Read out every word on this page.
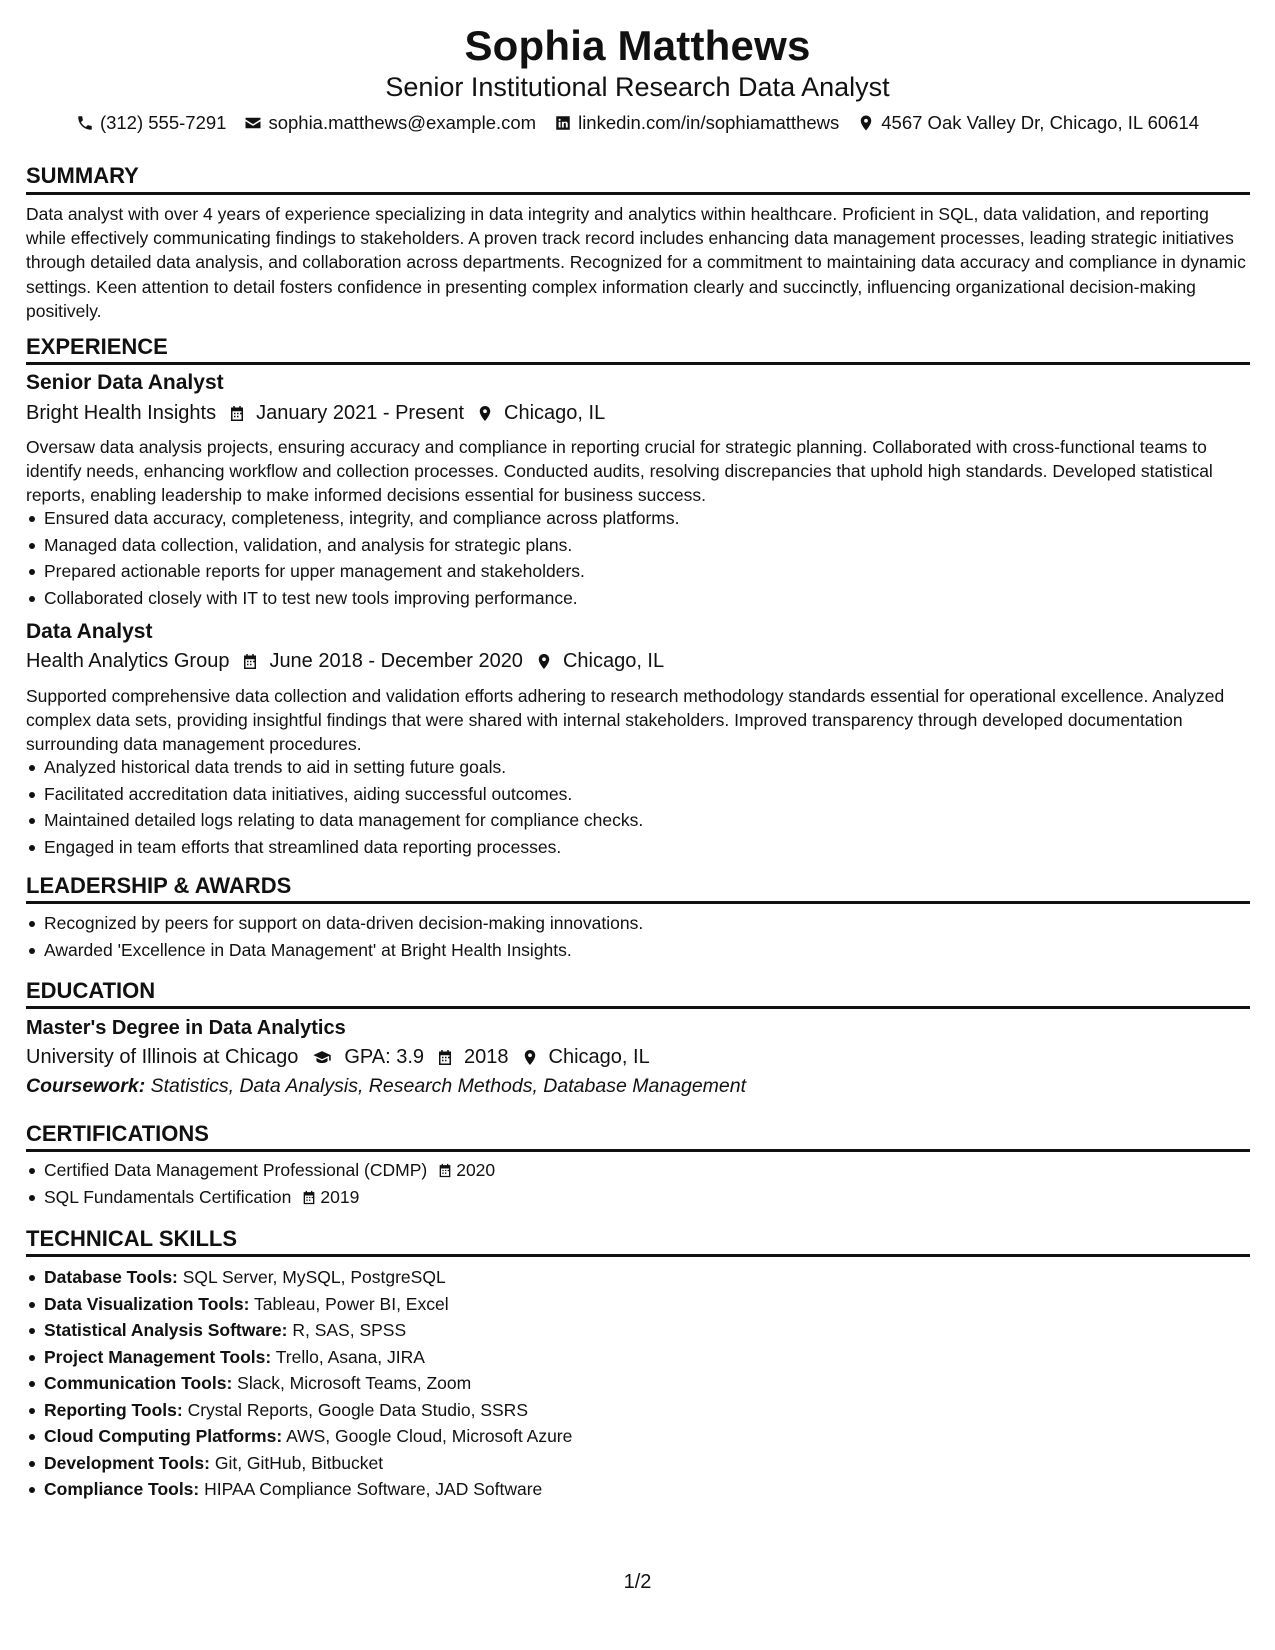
Sophia Matthews
Senior Institutional Research Data Analyst
(312) 555-7291 sophia.matthews@example.com linkedin.com/in/sophiamatthews 4567 Oak Valley Dr, Chicago, IL 60614
SUMMARY
Data analyst with over 4 years of experience specializing in data integrity and analytics within healthcare. Proficient in SQL, data validation, and reporting while effectively communicating findings to stakeholders. A proven track record includes enhancing data management processes, leading strategic initiatives through detailed data analysis, and collaboration across departments. Recognized for a commitment to maintaining data accuracy and compliance in dynamic settings. Keen attention to detail fosters confidence in presenting complex information clearly and succinctly, influencing organizational decision-making positively.
EXPERIENCE
Senior Data Analyst
Bright Health Insights January 2021 - Present Chicago, IL
Oversaw data analysis projects, ensuring accuracy and compliance in reporting crucial for strategic planning. Collaborated with cross-functional teams to identify needs, enhancing workflow and collection processes. Conducted audits, resolving discrepancies that uphold high standards. Developed statistical reports, enabling leadership to make informed decisions essential for business success.
Ensured data accuracy, completeness, integrity, and compliance across platforms.
Managed data collection, validation, and analysis for strategic plans.
Prepared actionable reports for upper management and stakeholders.
Collaborated closely with IT to test new tools improving performance.
Data Analyst
Health Analytics Group June 2018 - December 2020 Chicago, IL
Supported comprehensive data collection and validation efforts adhering to research methodology standards essential for operational excellence. Analyzed complex data sets, providing insightful findings that were shared with internal stakeholders. Improved transparency through developed documentation surrounding data management procedures.
Analyzed historical data trends to aid in setting future goals.
Facilitated accreditation data initiatives, aiding successful outcomes.
Maintained detailed logs relating to data management for compliance checks.
Engaged in team efforts that streamlined data reporting processes.
LEADERSHIP & AWARDS
Recognized by peers for support on data-driven decision-making innovations.
Awarded 'Excellence in Data Management' at Bright Health Insights.
EDUCATION
Master's Degree in Data Analytics
University of Illinois at Chicago GPA: 3.9 2018 Chicago, IL
Coursework: Statistics, Data Analysis, Research Methods, Database Management
CERTIFICATIONS
Certified Data Management Professional (CDMP) 2020
SQL Fundamentals Certification 2019
TECHNICAL SKILLS
Database Tools: SQL Server, MySQL, PostgreSQL
Data Visualization Tools: Tableau, Power BI, Excel
Statistical Analysis Software: R, SAS, SPSS
Project Management Tools: Trello, Asana, JIRA
Communication Tools: Slack, Microsoft Teams, Zoom
Reporting Tools: Crystal Reports, Google Data Studio, SSRS
Cloud Computing Platforms: AWS, Google Cloud, Microsoft Azure
Development Tools: Git, GitHub, Bitbucket
Compliance Tools: HIPAA Compliance Software, JAD Software
1/2
